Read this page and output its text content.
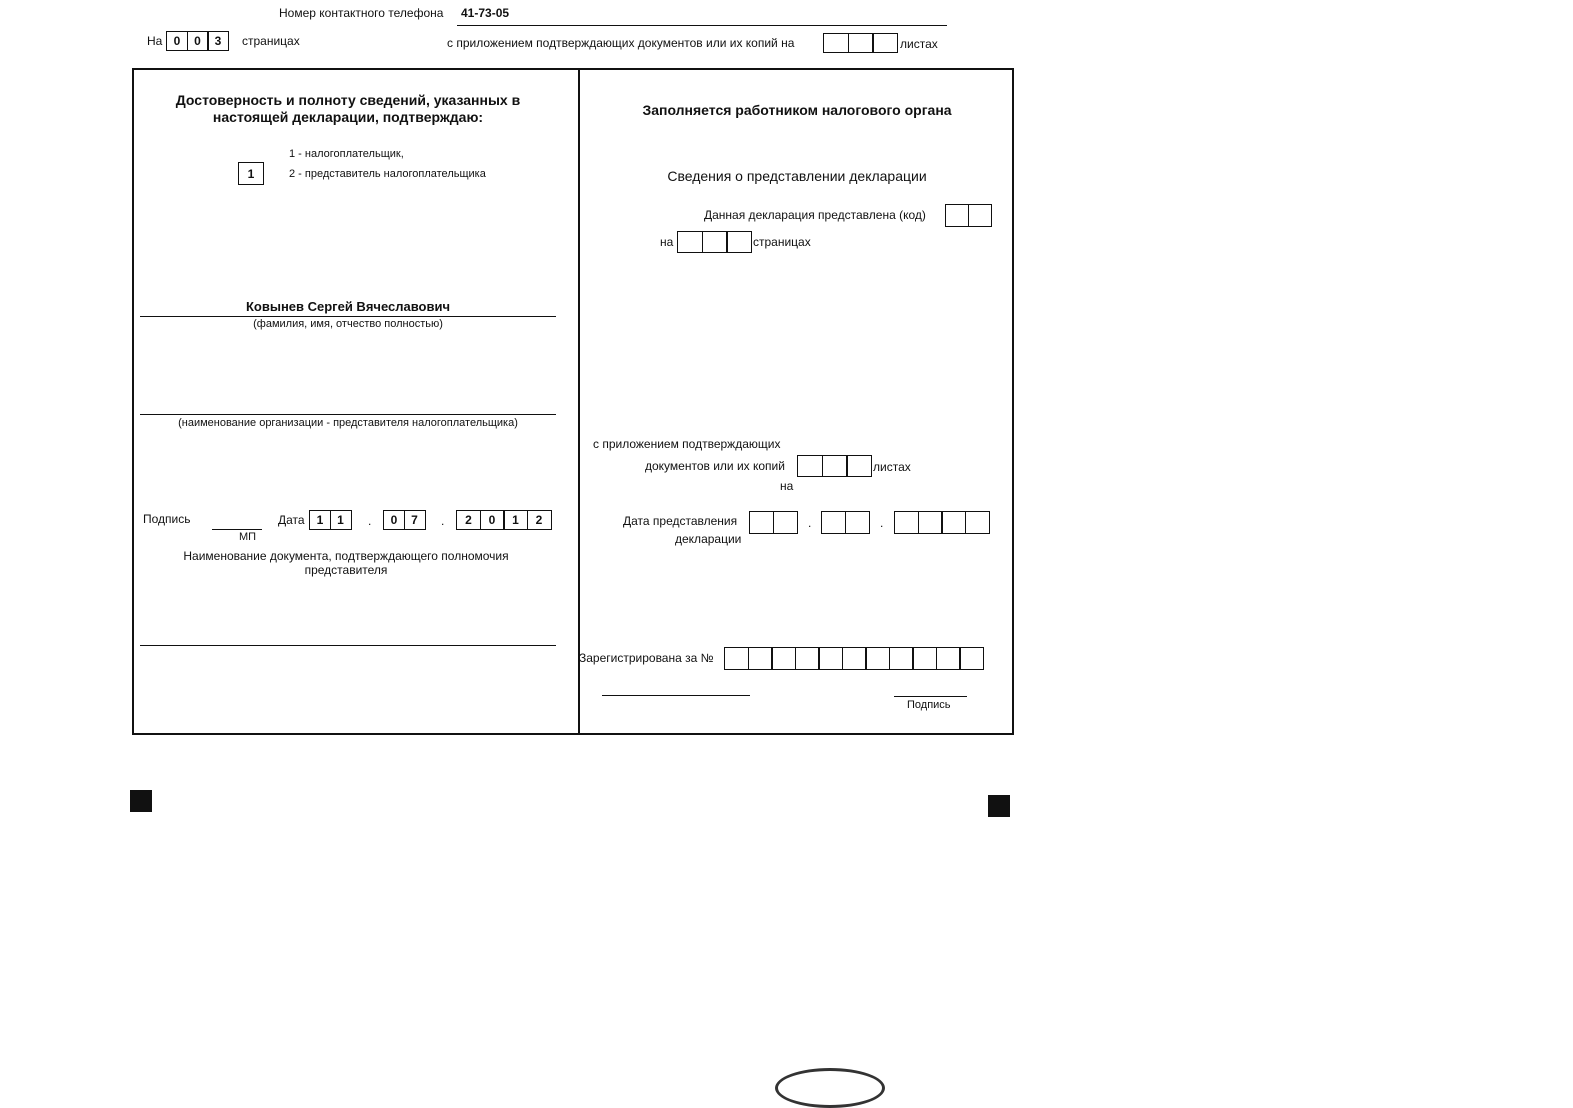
Номер контактного телефона 41-73-05
На 0	0	3	страницах	с приложением подтверждающих документов или их копий на	листах
Достоверность и полноту сведений, указанных в
настоящей декларации, подтверждаю:
1 - налогоплательщик,
1	2 - представитель налогоплательщика
Ковынев Сергей Вячеславович
(фамилия, имя, отчество полностью)
(наименование организации - представителя налогоплательщика)
Подпись
МП
Дата	1	1	.	0	7	.	2	0	1	2
Наименование документа, подтверждающего полномочия
представителя
Заполняется работником налогового органа
Сведения о представлении декларации
Данная декларация представлена (код)
на	страницах
с приложением подтверждающих
документов или их копий
на
листах
Дата представления
декларации
.	.
Зарегистрирована за №
Подпись
